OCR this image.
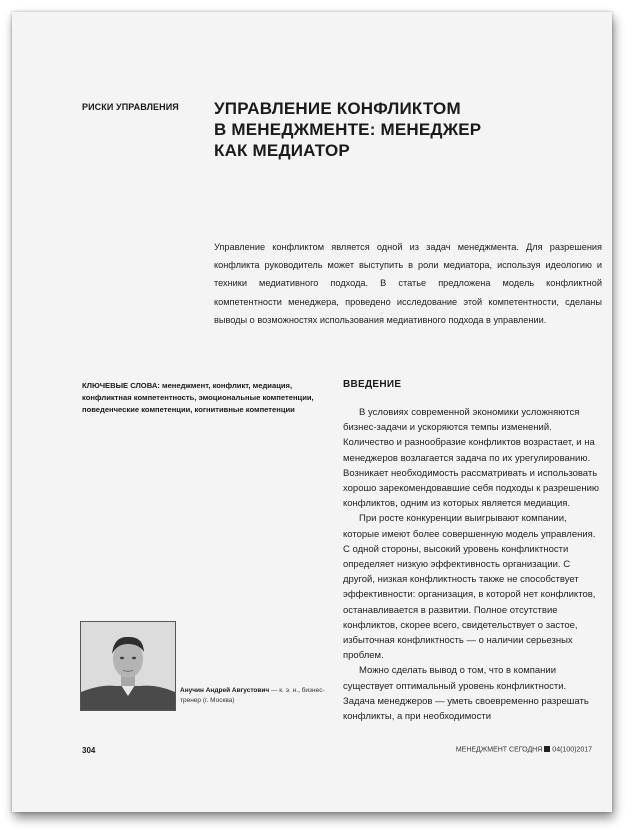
РИСКИ УПРАВЛЕНИЯ УПРАВЛЕНИЕ КОНФЛИКТОМ
В МЕНЕДЖМЕНТЕ: МЕНЕДЖЕР
КАК МЕДИАТОР
Управление конфликтом является одной из задач менеджмента. Для разрешения конфликта руководитель может выступить в роли медиатора, используя идеологию и техники медиативного подхода. В статье предложена модель конфликтной компетентности менеджера, проведено исследование этой компетентности, сделаны выводы о возможностях использования медиативного подхода в управлении.
КЛЮЧЕВЫЕ СЛОВА: менеджмент, конфликт, медиация, конфликтная компетентность, эмоциональные компетенции, поведенческие компетенции, когнитивные компетенции
ВВЕДЕНИЕ

В условиях современной экономики усложняются бизнес-задачи и ускоряются темпы изменений. Количество и разнообразие конфликтов возрастает, и на менеджеров возлагается задача по их урегулированию. Возникает необходимость рассматривать и использовать хорошо зарекомендовавшие себя подходы к разрешению конфликтов, одним из которых является медиация.

При росте конкуренции выигрывают компании, которые имеют более совершенную модель управления. С одной стороны, высокий уровень конфликтности определяет низкую эффективность организации. С другой, низкая конфликтность также не способствует эффективности: организация, в которой нет конфликтов, останавливается в развитии. Полное отсутствие конфликтов, скорее всего, свидетельствует о застое, избыточная конфликтность — о наличии серьезных проблем.

Можно сделать вывод о том, что в компании существует оптимальный уровень конфликтности. Задача менеджеров — уметь своевременно разрешать конфликты, а при необходимости

Анучин Андрей Августович — к. э. н., бизнес-тренер (г. Москва)
304	МЕНЕДЖМЕНТ СЕГОДНЯ 04(100)2017
